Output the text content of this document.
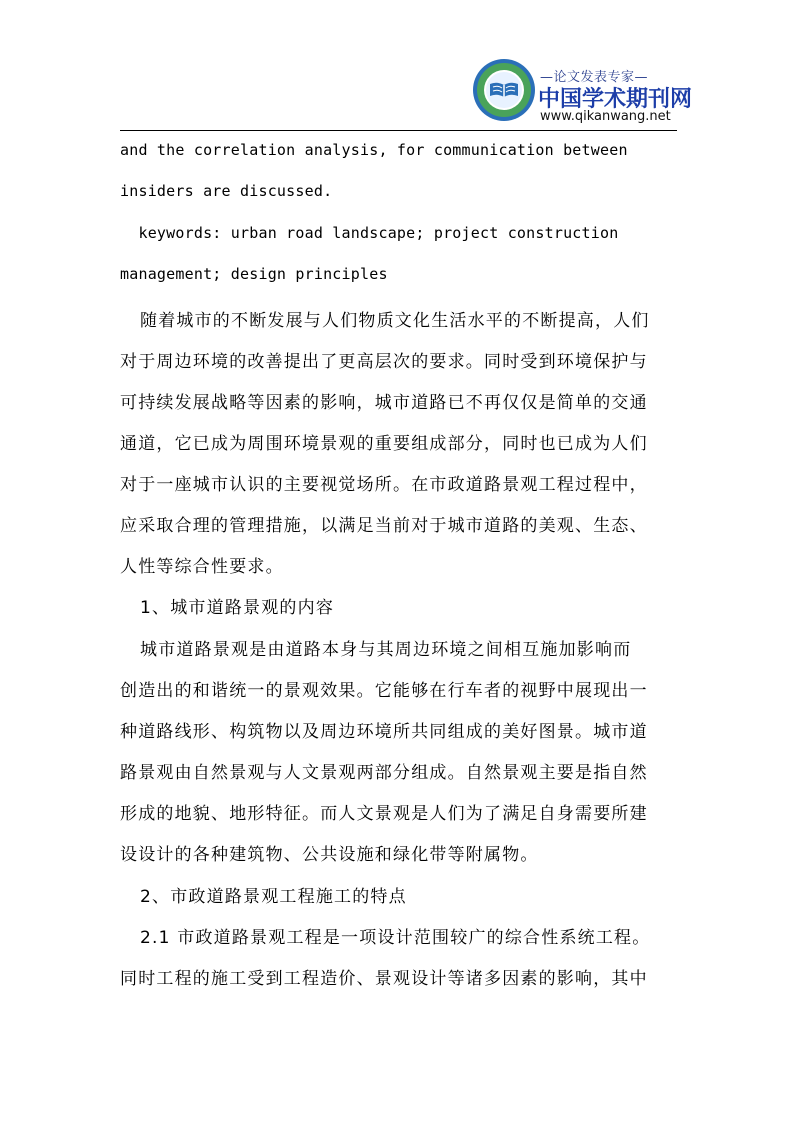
—论文发表专家—
中国学术期刊网
www.qikanwang.net
and the correlation analysis, for communication between
insiders are discussed.
keywords: urban road landscape; project construction
management; design principles
随着城市的不断发展与人们物质文化生活水平的不断提高，人们
对于周边环境的改善提出了更高层次的要求。同时受到环境保护与
可持续发展战略等因素的影响，城市道路已不再仅仅是简单的交通
通道，它已成为周围环境景观的重要组成部分，同时也已成为人们
对于一座城市认识的主要视觉场所。在市政道路景观工程过程中，
应采取合理的管理措施，以满足当前对于城市道路的美观、生态、
人性等综合性要求。
1、城市道路景观的内容
城市道路景观是由道路本身与其周边环境之间相互施加影响而
创造出的和谐统一的景观效果。它能够在行车者的视野中展现出一
种道路线形、构筑物以及周边环境所共同组成的美好图景。城市道
路景观由自然景观与人文景观两部分组成。自然景观主要是指自然
形成的地貌、地形特征。而人文景观是人们为了满足自身需要所建
设设计的各种建筑物、公共设施和绿化带等附属物。
2、市政道路景观工程施工的特点
2.1 市政道路景观工程是一项设计范围较广的综合性系统工程。
同时工程的施工受到工程造价、景观设计等诸多因素的影响，其中
